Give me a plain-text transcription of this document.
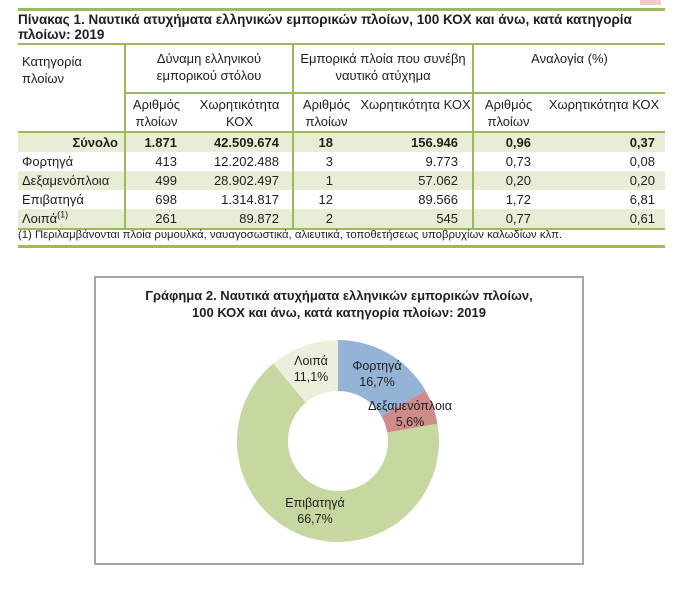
Πίνακας 1. Ναυτικά ατυχήματα ελληνικών εμπορικών πλοίων, 100 ΚΟΧ και άνω, κατά κατηγορία
πλοίων: 2019
Κατηγορία πλοίων	Δύναμη ελληνικού εμπορικού στόλου		Εμπορικά πλοία που συνέβη ναυτικό ατύχημα		Αναλογία (%)	
	Αριθμός πλοίων	Χωρητικότητα ΚΟΧ	Αριθμός πλοίων	Χωρητικότητα ΚΟΧ	Αριθμός πλοίων	Χωρητικότητα ΚΟΧ
Σύνολο	1.871	42.509.674	18	156.946	0,96	0,37
Φορτηγά	413	12.202.488	3	9.773	0,73	0,08
Δεξαμενόπλοια	499	28.902.497	1	57.062	0,20	0,20
Επιβατηγά	698	1.314.817	12	89.566	1,72	6,81
Λοιπά$^{(1)}$	261	89.872	2	545	0,77	0,61
(1) Περιλαμβάνονται πλοία ρυμουλκά, ναυαγοσωστικά, αλιευτικά, τοποθετήσεως υποβρυχίων καλωδίων κλπ.
Φορτηγά
16,7%
Δεξαμενόπλοια
5,6%
Επιβατηγά
66,7%
Λοιπά
11,1%
Γράφημα 2. Ναυτικά ατυχήματα ελληνικών εμπορικών πλοίων,
100 ΚΟΧ και άνω, κατά κατηγορία πλοίων: 2019
